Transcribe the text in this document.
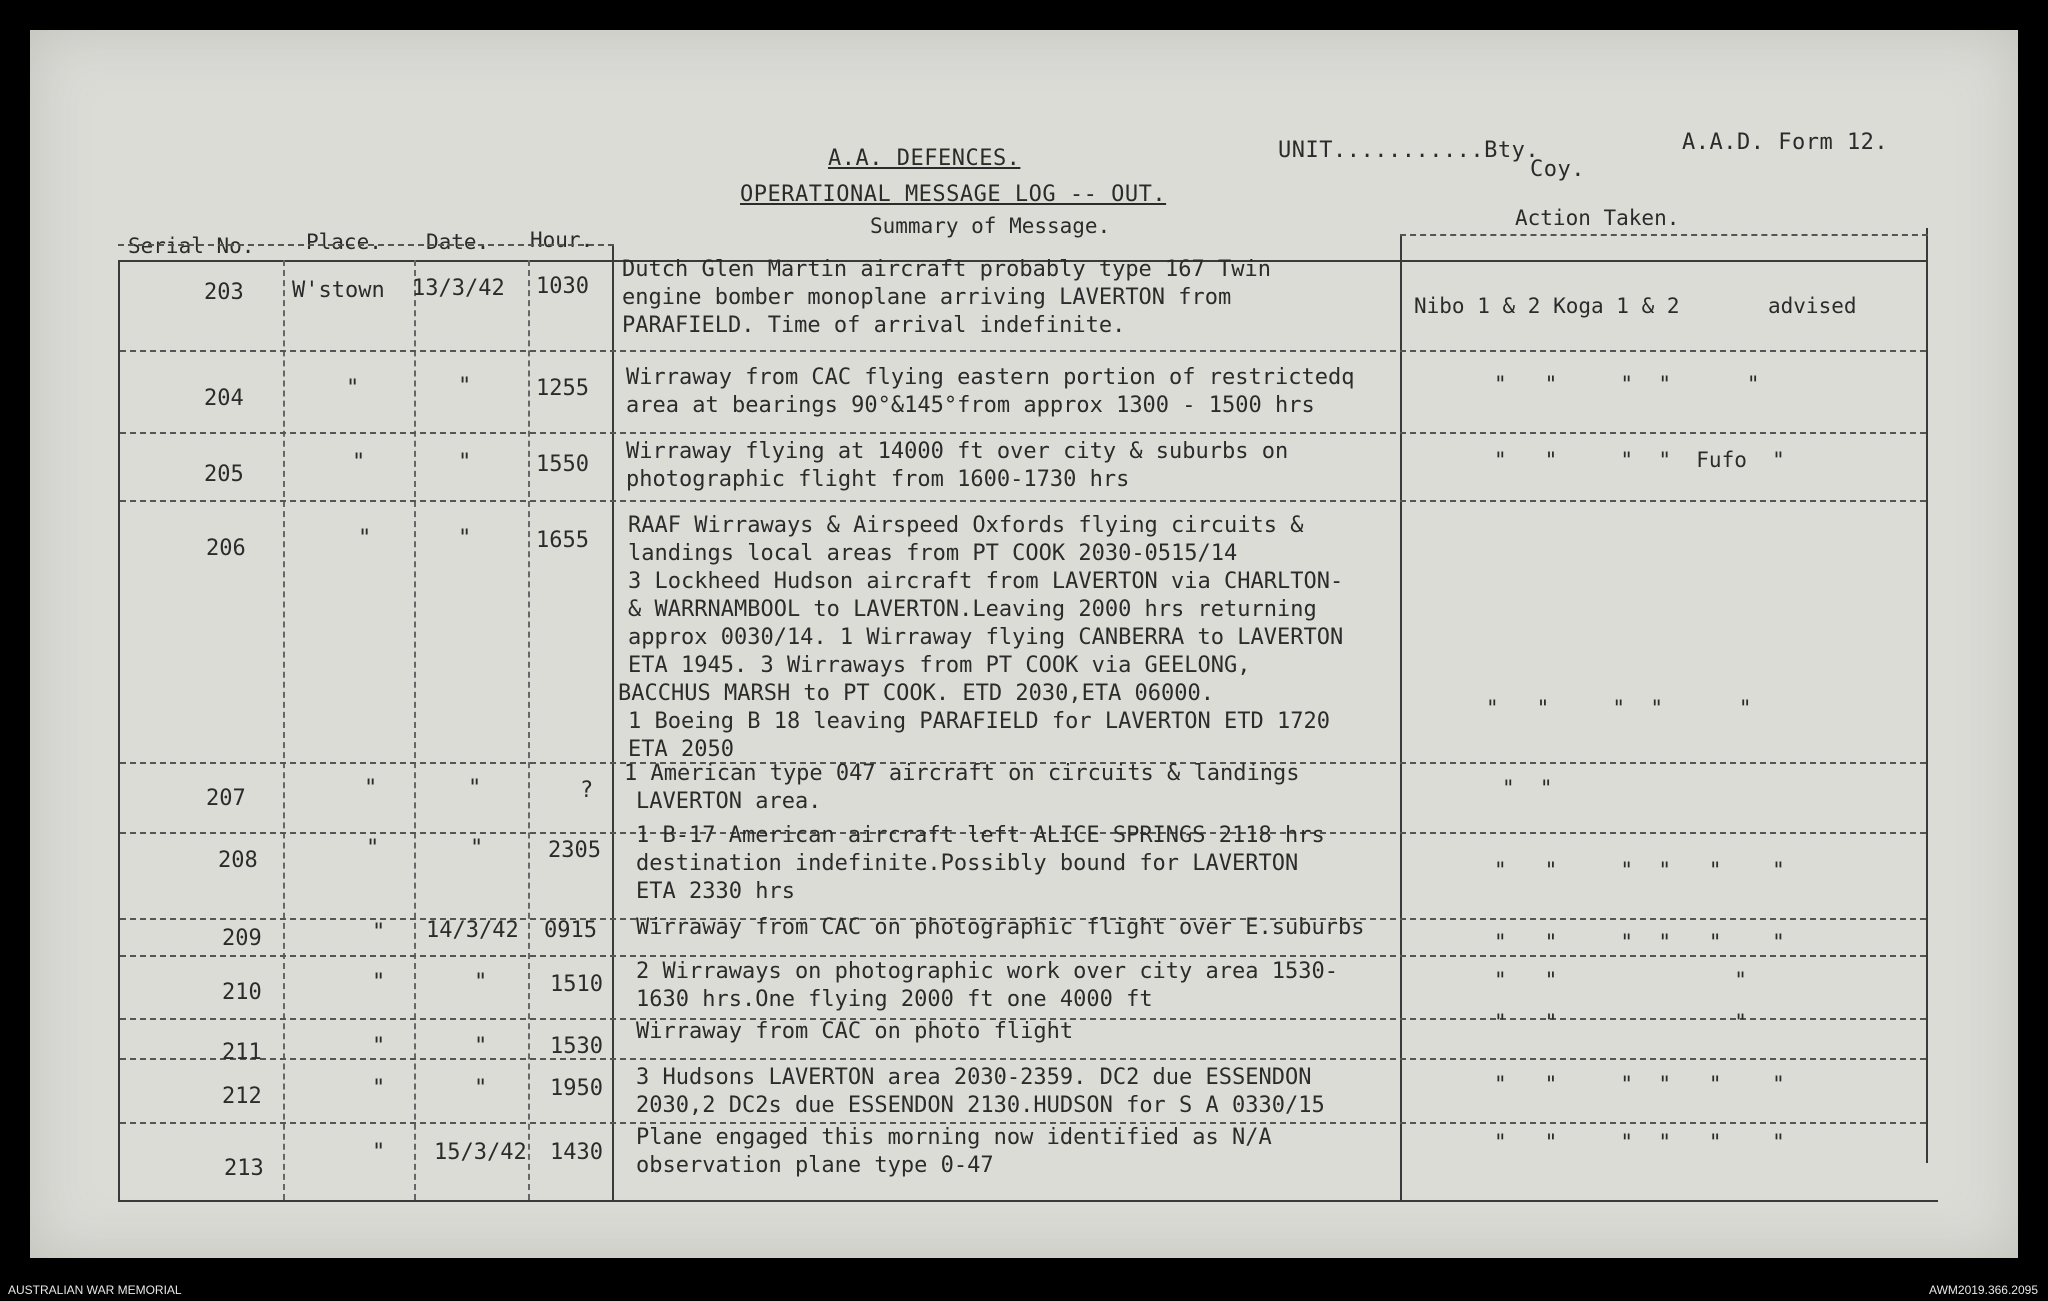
A.A. DEFENCES.
OPERATIONAL MESSAGE LOG -- OUT.
UNIT...........Bty.
Coy.
A.A.D. Form 12.
Serial No. Place. Date. Hour.
Summary of Message.	Action Taken.
203 W'stown 13/3/42 1030
Dutch Glen Martin aircraft probably type 167 Twin
engine bomber monoplane arriving LAVERTON from
PARAFIELD. Time of arrival indefinite.
Nibo 1 & 2 Koga 1 & 2       advised
204	"	"	1255 Wirraway from CAC flying eastern portion of restrictedq
area at bearings 90°&145°from approx 1300 - 1500 hrs
"   "     "  "      "
205	"	"	1550
Wirraway flying at 14000 ft over city & suburbs on
photographic flight from 1600-1730 hrs
"   "     "  "  Fufo  "
206	"	"	1655
RAAF Wirraways & Airspeed Oxfords flying circuits &
landings local areas from PT COOK 2030-0515/14
3 Lockheed Hudson aircraft from LAVERTON via CHARLTON-
& WARRNAMBOOL to LAVERTON.Leaving 2000 hrs returning
approx 0030/14. 1 Wirraway flying CANBERRA to LAVERTON
ETA 1945. 3 Wirraways from PT COOK via GEELONG,
BACCHUS MARSH to PT COOK. ETD 2030,ETA 06000.
1 Boeing B 18 leaving PARAFIELD for LAVERTON ETD 1720
ETA 2050
"   "     "  "      "
207	"	"	?
1 American type 047 aircraft on circuits & landings
LAVERTON area.
"  "
208	"	"	2305
1 B-17 American aircraft left ALICE SPRINGS 2118 hrs
destination indefinite.Possibly bound for LAVERTON
ETA 2330 hrs
"   "     "  "   "    "
209	" 14/3/42 0915 Wirraway from CAC on photographic flight over E.suburbs
"   "     "  "   "    "
210	"	"	1510
2 Wirraways on photographic work over city area 1530-
1630 hrs.One flying 2000 ft one 4000 ft
"   "              "
211	"	"	1530
Wirraway from CAC on photo flight	"   "              "
212	"	"	1950 3 Hudsons LAVERTON area 2030-2359. DC2 due ESSENDON
2030,2 DC2s due ESSENDON 2130.HUDSON for S A 0330/15
"   "     "  "   "    "
213
" 15/3/42 1430
Plane engaged this morning now identified as N/A
observation plane type 0-47
"   "     "  "   "    "
AUSTRALIAN WAR MEMORIAL	AWM2019.366.2095
